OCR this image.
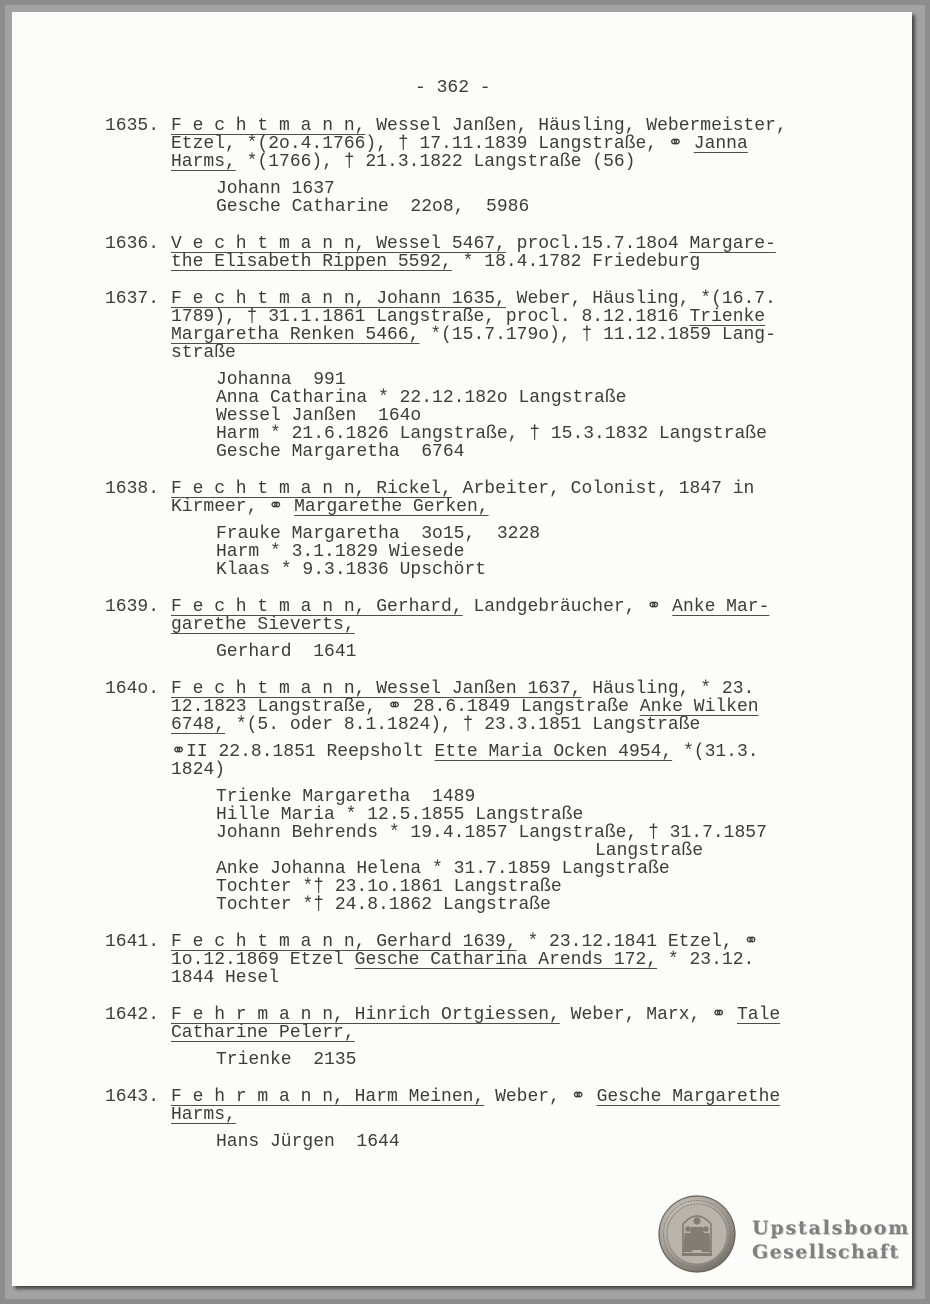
- 362 -
1635. F e c h t m a n n, Wessel Janßen, Häusling, Webermeister,
Etzel, *(2o.4.1766), † 17.11.1839 Langstraße, ⚭ Janna
Harms, *(1766), † 21.3.1822 Langstraße (56)
Johann 1637
Gesche Catharine  22o8,  5986
1636. V e c h t m a n n, Wessel 5467, procl.15.7.18o4 Margare-
the Elisabeth Rippen 5592, * 18.4.1782 Friedeburg
1637. F e c h t m a n n, Johann 1635, Weber, Häusling, *(16.7.
1789), † 31.1.1861 Langstraße, procl. 8.12.1816 Trienke
Margaretha Renken 5466, *(15.7.179o), † 11.12.1859 Lang-
straße
Johanna  991
Anna Catharina * 22.12.182o Langstraße
Wessel Janßen  164o
Harm * 21.6.1826 Langstraße, † 15.3.1832 Langstraße
Gesche Margaretha  6764
1638. F e c h t m a n n, Rickel, Arbeiter, Colonist, 1847 in
Kirmeer, ⚭ Margarethe Gerken,
Frauke Margaretha  3o15,  3228
Harm * 3.1.1829 Wiesede
Klaas * 9.3.1836 Upschört
1639. F e c h t m a n n, Gerhard, Landgebräucher, ⚭ Anke Mar-
garethe Sieverts,
Gerhard  1641
164o. F e c h t m a n n, Wessel Janßen 1637, Häusling, * 23.
12.1823 Langstraße, ⚭ 28.6.1849 Langstraße Anke Wilken
6748, *(5. oder 8.1.1824), † 23.3.1851 Langstraße
⚭II 22.8.1851 Reepsholt Ette Maria Ocken 4954, *(31.3.
1824)
Trienke Margaretha  1489
Hille Maria * 12.5.1855 Langstraße
Johann Behrends * 19.4.1857 Langstraße, † 31.7.1857
Langstraße
Anke Johanna Helena * 31.7.1859 Langstraße
Tochter *† 23.1o.1861 Langstraße
Tochter *† 24.8.1862 Langstraße
1641. F e c h t m a n n, Gerhard 1639, * 23.12.1841 Etzel, ⚭
1o.12.1869 Etzel Gesche Catharina Arends 172, * 23.12.
1844 Hesel
1642. F e h r m a n n, Hinrich Ortgiessen, Weber, Marx, ⚭ Tale
Catharine Pelerr,
Trienke  2135
1643. F e h r m a n n, Harm Meinen, Weber, ⚭ Gesche Margarethe
Harms,
Hans Jürgen  1644
Upstalsboom
Gesellschaft
